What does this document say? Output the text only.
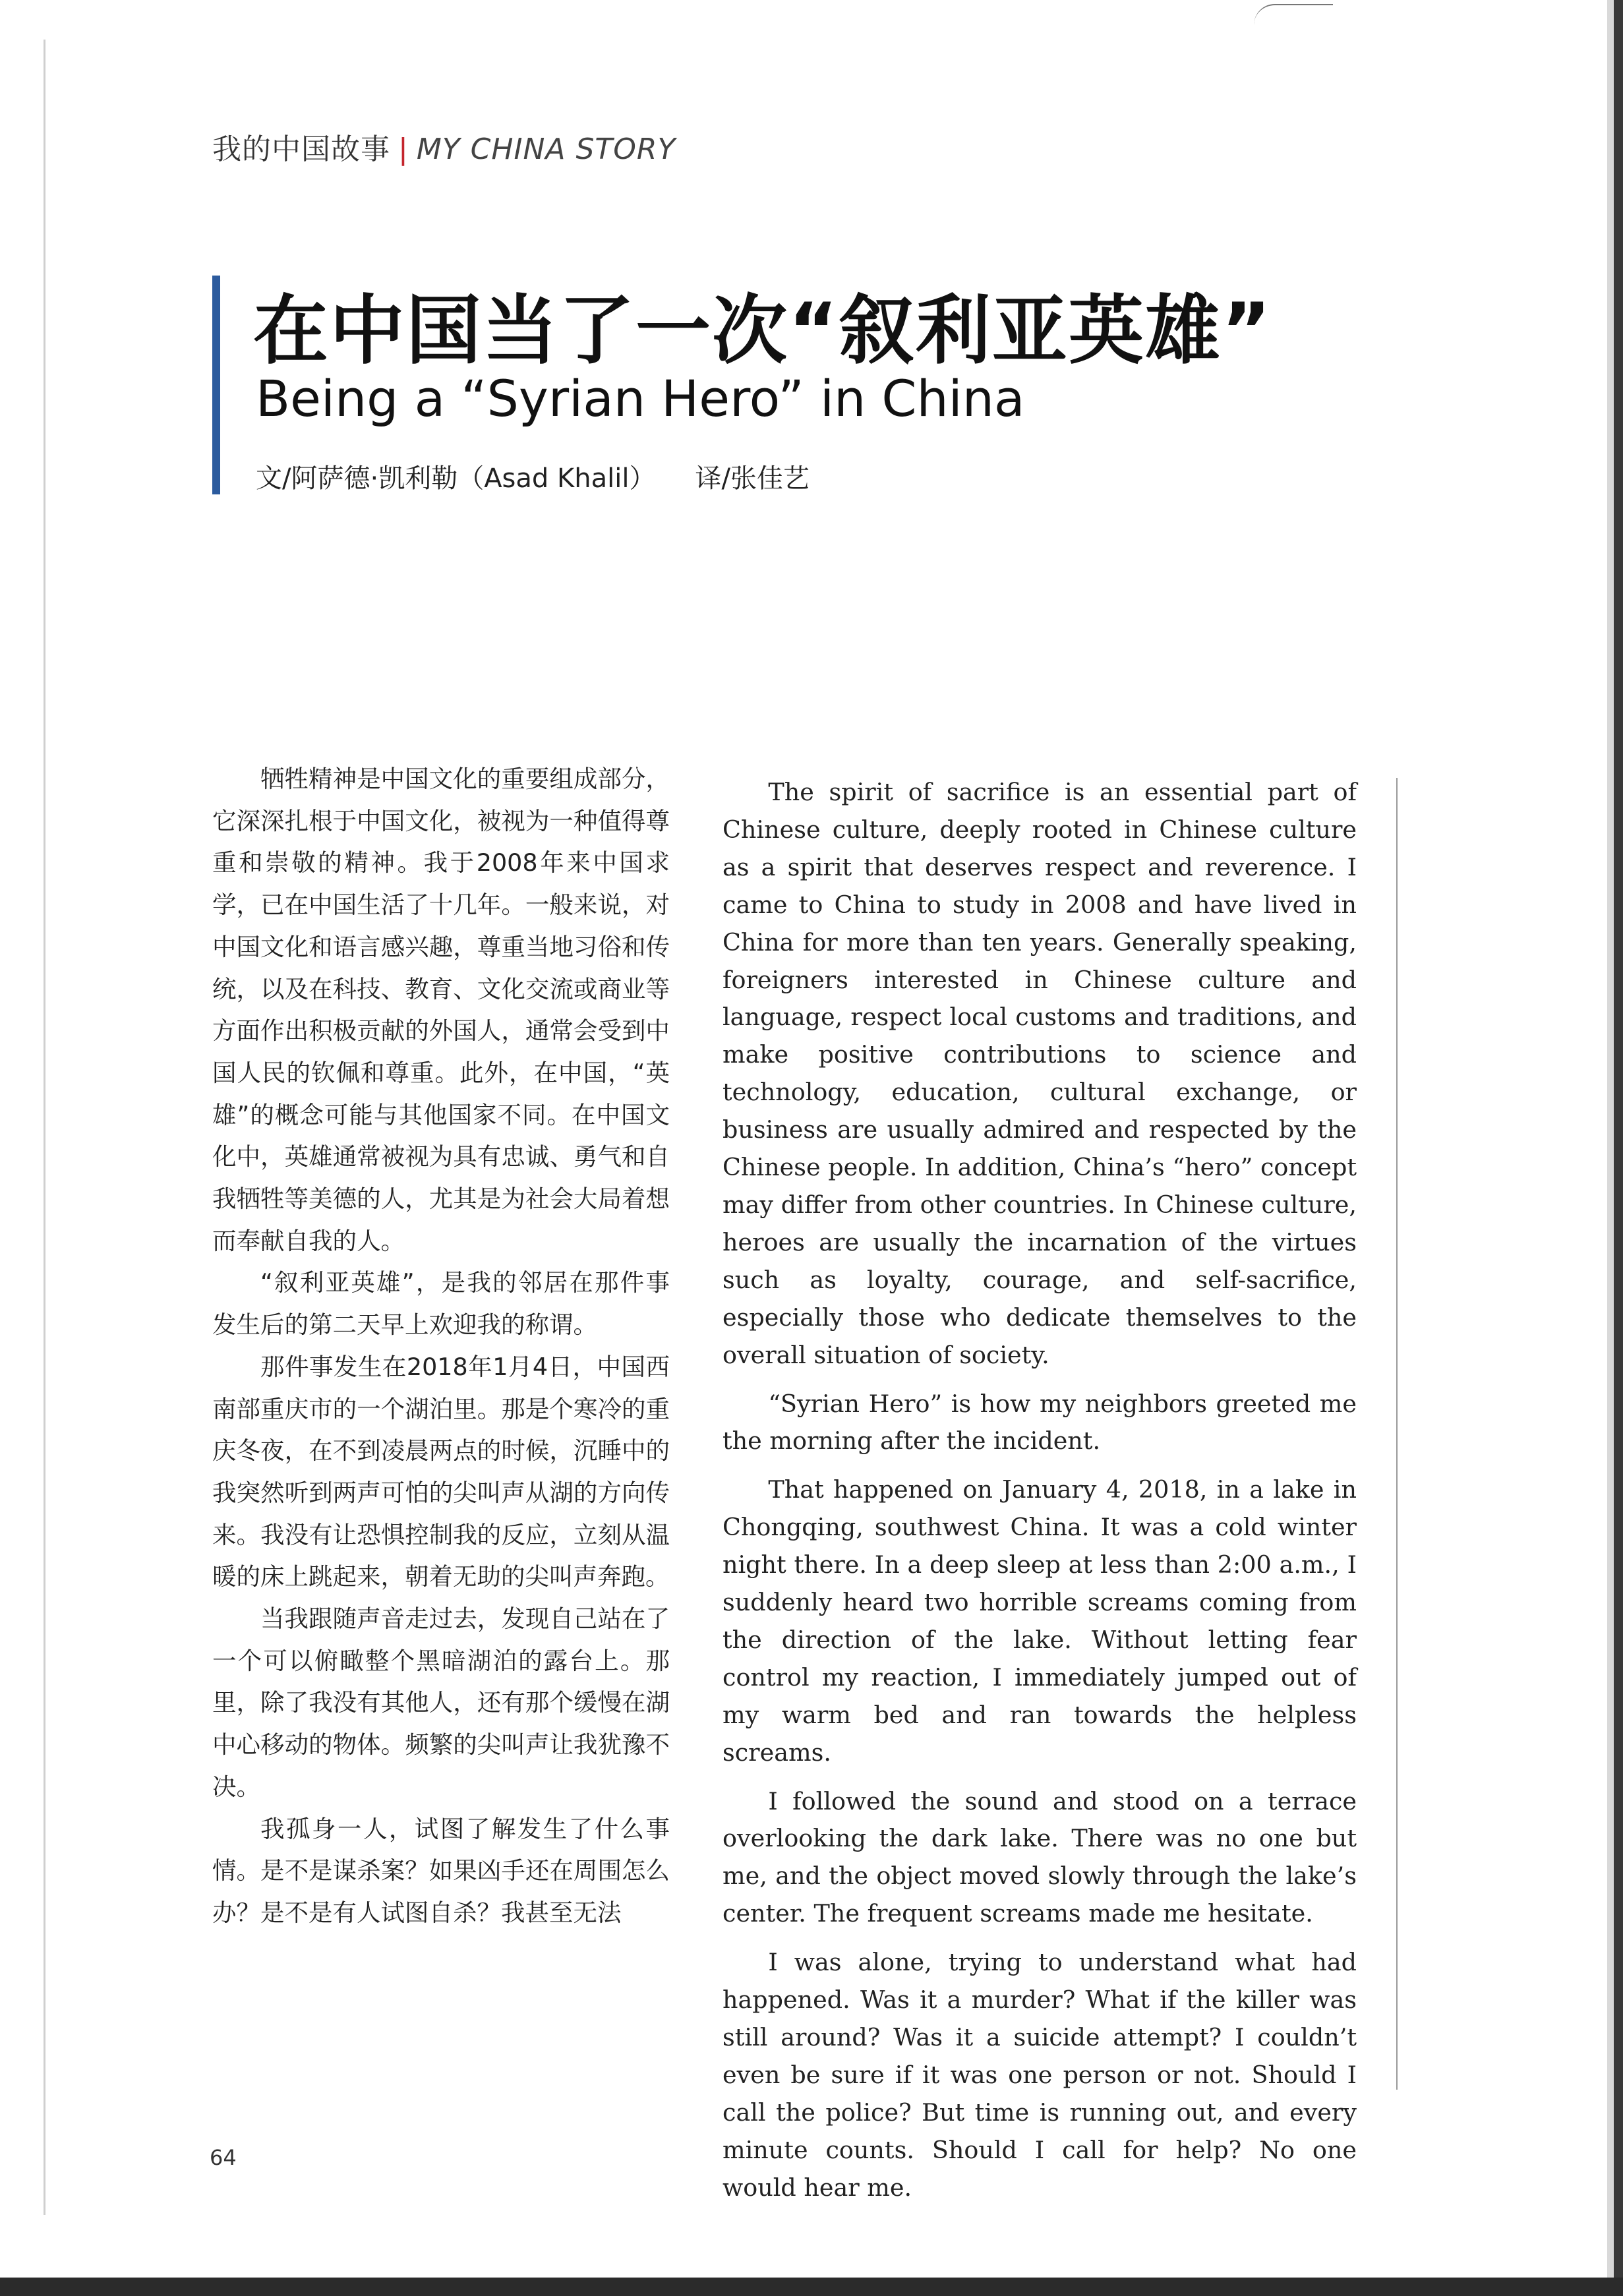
我的中国故事 | MY CHINA STORY
在中国当了一次“叙利亚英雄”
Being a “Syrian Hero” in China
文/阿萨德·凯利勒（Asad Khalil） 译/张佳艺

牺牲精神是中国文化的重要组成部分，它深深扎根于中国文化，被视为一种值得尊重和崇敬的精神。我于2008年来中国求学，已在中国生活了十几年。一般来说，对中国文化和语言感兴趣，尊重当地习俗和传统，以及在科技、教育、文化交流或商业等方面作出积极贡献的外国人，通常会受到中国人民的钦佩和尊重。此外，在中国，“英雄”的概念可能与其他国家不同。在中国文化中，英雄通常被视为具有忠诚、勇气和自我牺牲等美德的人，尤其是为社会大局着想而奉献自我的人。

“叙利亚英雄”，是我的邻居在那件事发生后的第二天早上欢迎我的称谓。

那件事发生在2018年1月4日，中国西南部重庆市的一个湖泊里。那是个寒冷的重庆冬夜，在不到凌晨两点的时候，沉睡中的我突然听到两声可怕的尖叫声从湖的方向传来。我没有让恐惧控制我的反应，立刻从温暖的床上跳起来，朝着无助的尖叫声奔跑。

当我跟随声音走过去，发现自己站在了一个可以俯瞰整个黑暗湖泊的露台上。那里，除了我没有其他人，还有那个缓慢在湖中心移动的物体。频繁的尖叫声让我犹豫不决。

我孤身一人，试图了解发生了什么事情。是不是谋杀案？如果凶手还在周围怎么办？是不是有人试图自杀？我甚至无法

The spirit of sacrifice is an essential part of Chinese culture, deeply rooted in Chinese culture as a spirit that deserves respect and reverence. I came to China to study in 2008 and have lived in China for more than ten years. Generally speaking, foreigners interested in Chinese culture and language, respect local customs and traditions, and make positive contributions to science and technology, education, cultural exchange, or business are usually admired and respected by the Chinese people. In addition, China’s “hero” concept may differ from other countries. In Chinese culture, heroes are usually the incarnation of the virtues such as loyalty, courage, and self-sacrifice, especially those who dedicate themselves to the overall situation of society.

“Syrian Hero” is how my neighbors greeted me the morning after the incident.

That happened on January 4, 2018, in a lake in Chongqing, southwest China. It was a cold winter night there. In a deep sleep at less than 2:00 a.m., I suddenly heard two horrible screams coming from the direction of the lake. Without letting fear control my reaction, I immediately jumped out of my warm bed and ran towards the helpless screams.

I followed the sound and stood on a terrace overlooking the dark lake. There was no one but me, and the object moved slowly through the lake’s center. The frequent screams made me hesitate.

I was alone, trying to understand what had happened. Was it a murder? What if the killer was still around? Was it a suicide attempt? I couldn’t even be sure if it was one person or not. Should I call the police? But time is running out, and every minute counts. Should I call for help? No one would hear me.

64
